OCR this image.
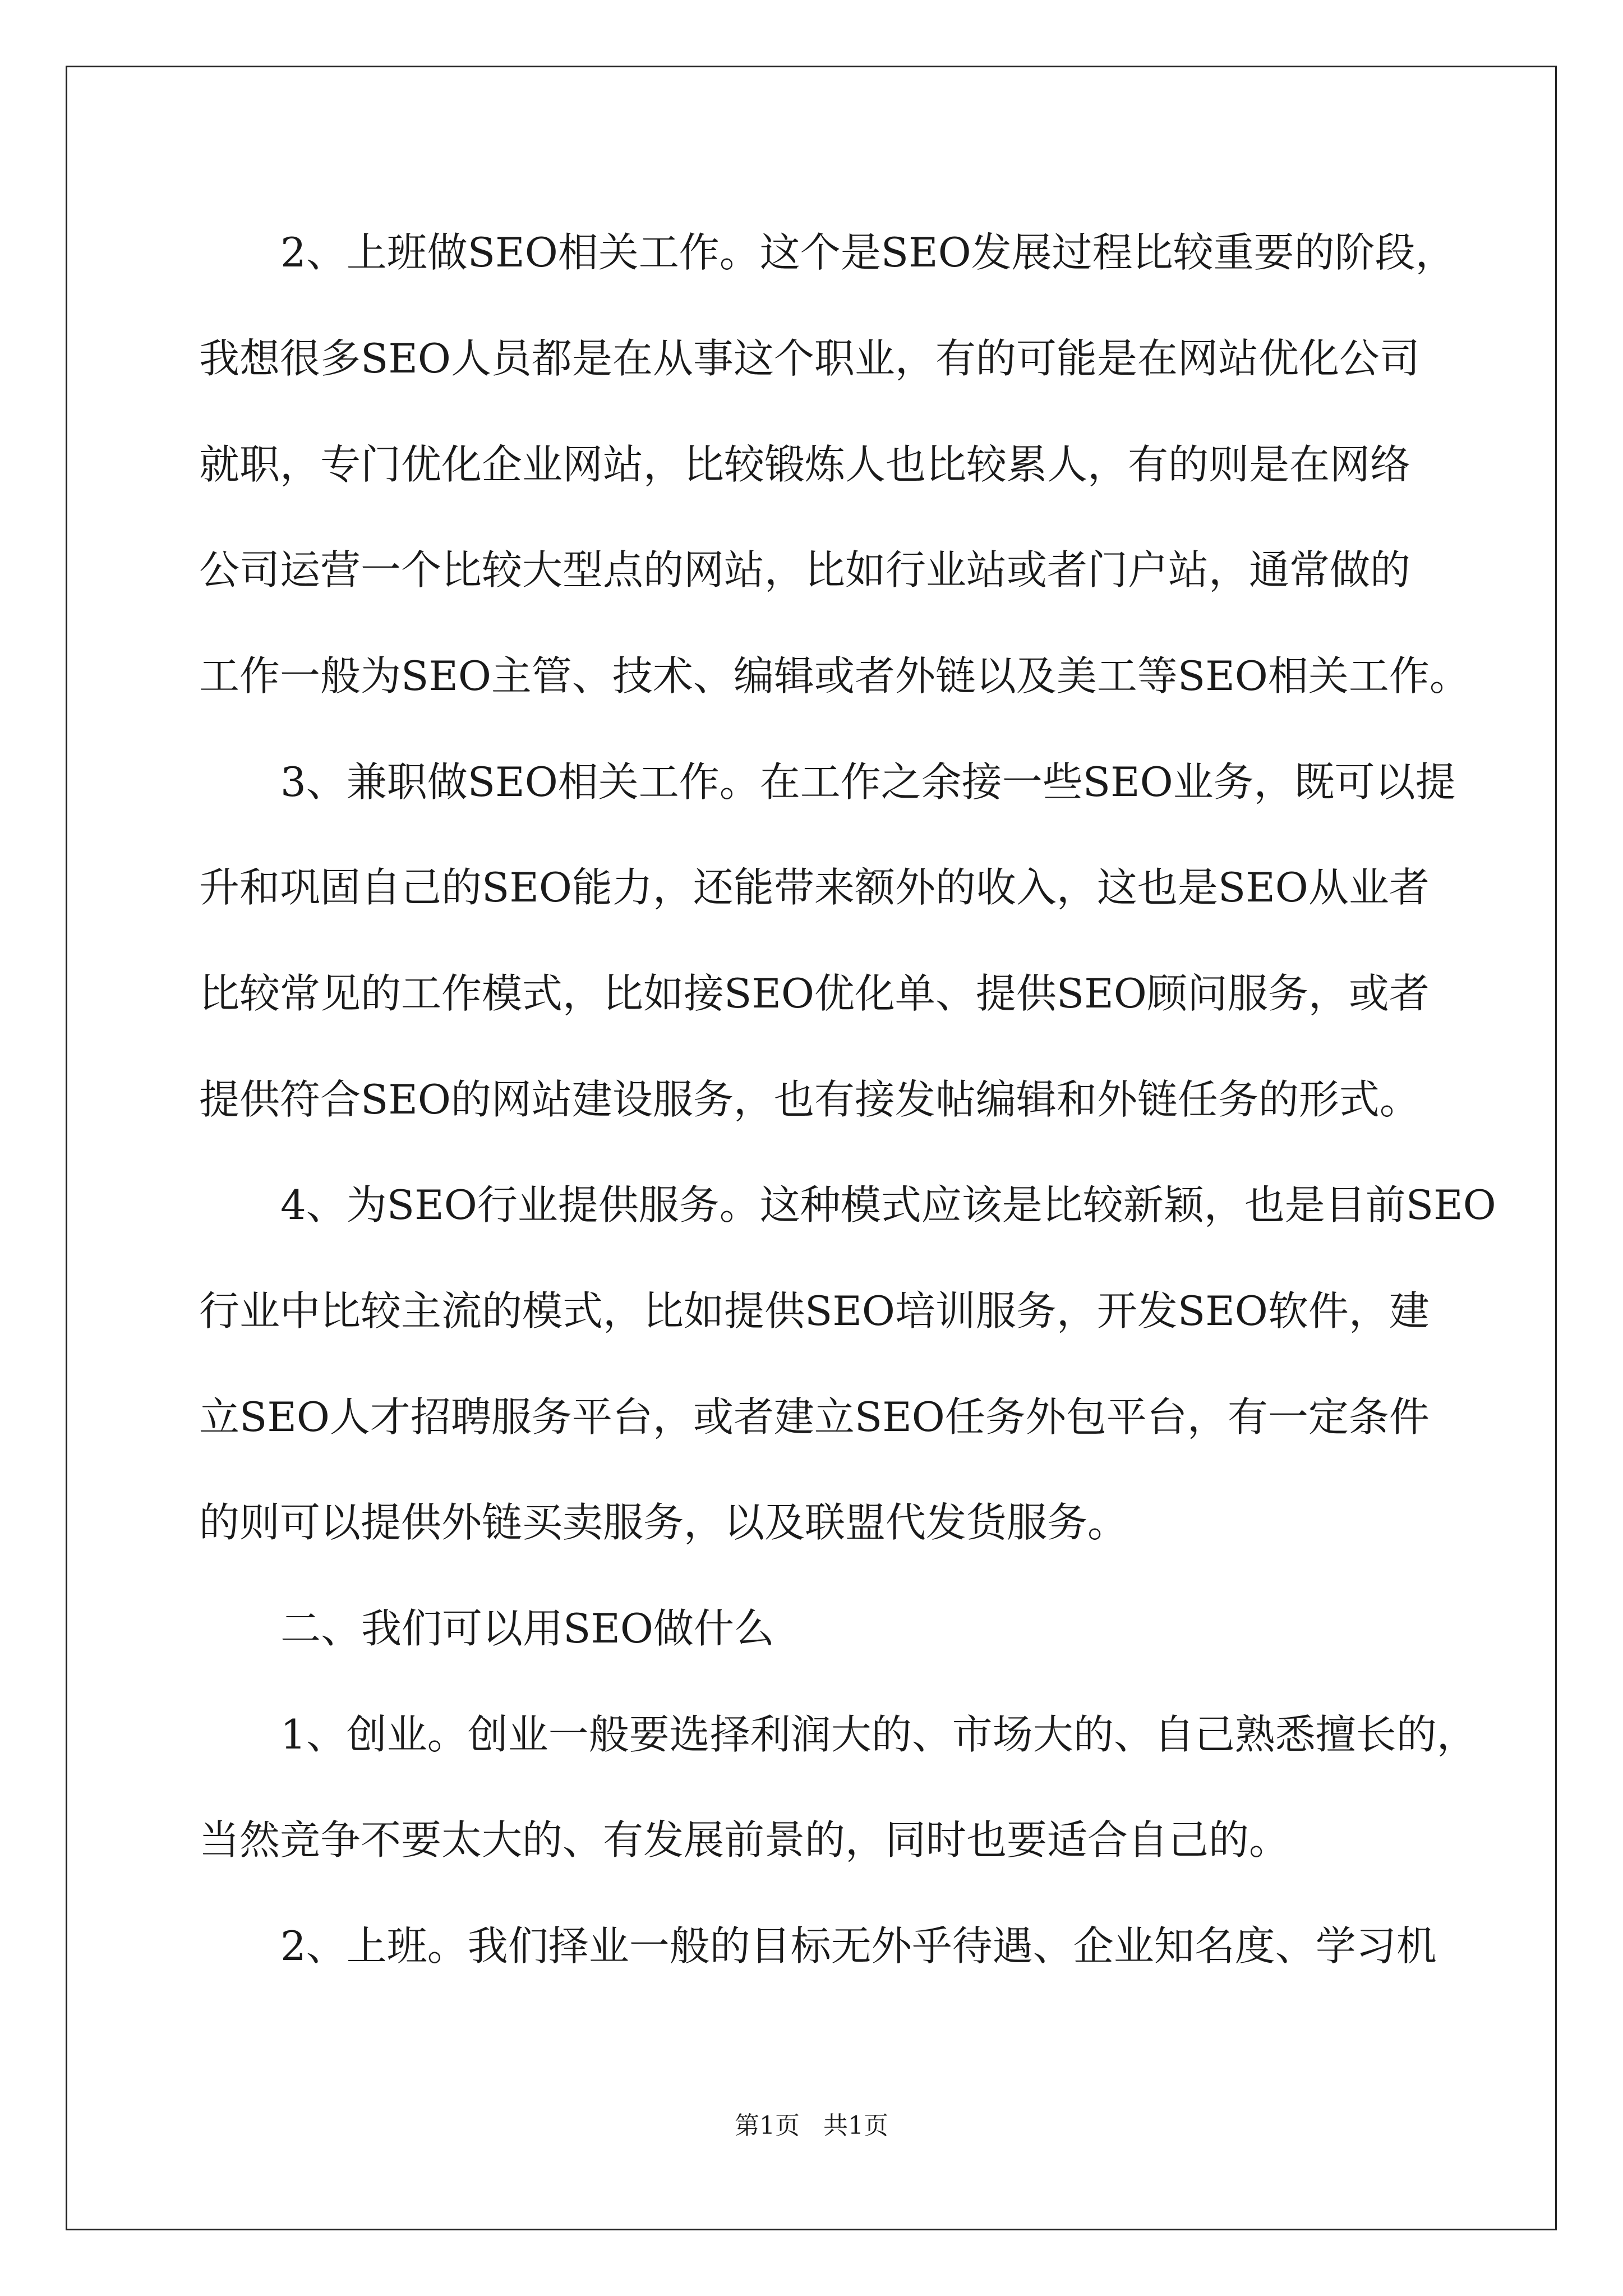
2、上班做SEO相关工作。这个是SEO发展过程比较重要的阶段，
我想很多SEO人员都是在从事这个职业，有的可能是在网站优化公司
就职，专门优化企业网站，比较锻炼人也比较累人，有的则是在网络
公司运营一个比较大型点的网站，比如行业站或者门户站，通常做的
工作一般为SEO主管、技术、编辑或者外链以及美工等SEO相关工作。
3、兼职做SEO相关工作。在工作之余接一些SEO业务，既可以提
升和巩固自己的SEO能力，还能带来额外的收入，这也是SEO从业者
比较常见的工作模式，比如接SEO优化单、提供SEO顾问服务，或者
提供符合SEO的网站建设服务，也有接发帖编辑和外链任务的形式。
4、为SEO行业提供服务。这种模式应该是比较新颖，也是目前SEO
行业中比较主流的模式，比如提供SEO培训服务，开发SEO软件，建
立SEO人才招聘服务平台，或者建立SEO任务外包平台，有一定条件
的则可以提供外链买卖服务，以及联盟代发货服务。
二、我们可以用SEO做什么
1、创业。创业一般要选择利润大的、市场大的、自己熟悉擅长的，
当然竞争不要太大的、有发展前景的，同时也要适合自己的。
2、上班。我们择业一般的目标无外乎待遇、企业知名度、学习机
第1页   共1页
